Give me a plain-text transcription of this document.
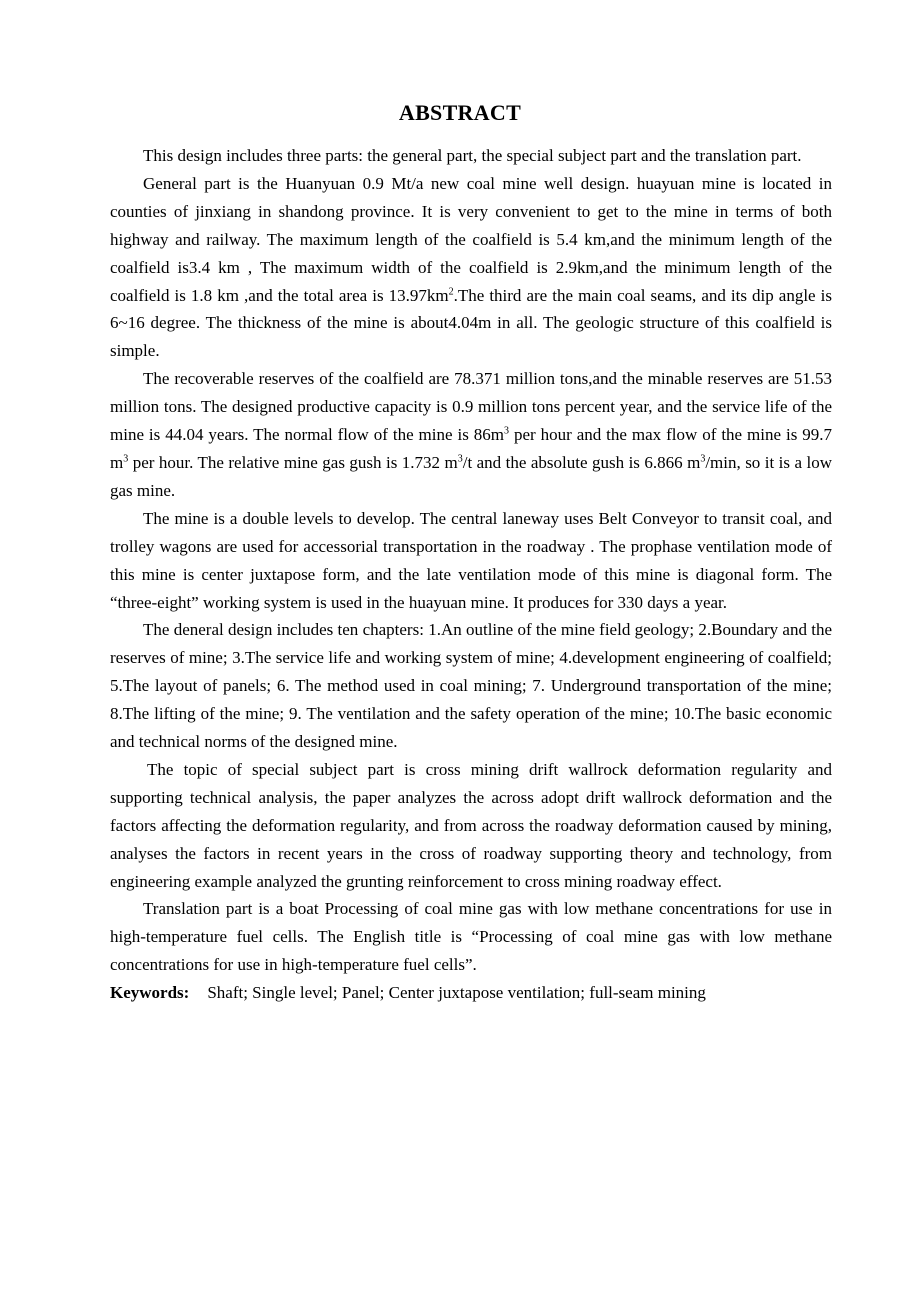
ABSTRACT

This design includes three parts: the general part, the special subject part and the translation part.

General part is the Huanyuan 0.9 Mt/a new coal mine well design. huayuan mine is located in counties of jinxiang in shandong province. It is very convenient to get to the mine in terms of both highway and railway. The maximum length of the coalfield is 5.4 km,and the minimum length of the coalfield is3.4 km , The maximum width of the coalfield is 2.9km,and the minimum length of the coalfield is 1.8 km ,and the total area is $13.97km^2.The$ third are the main coal seams, and its dip angle is 6~16 degree. The thickness of the mine is about4.04m in all. The geologic structure of this coalfield is simple.

The recoverable reserves of the coalfield are 78.371 million tons,and the minable reserves are 51.53 million tons. The designed productive capacity is 0.9 million tons percent year, and the service life of the mine is 44.04 years. The normal flow of the mine is $86m^3$ per hour and the max flow of the mine is 99.7 $m^3$ per hour. The relative mine gas gush is 1.732 $m^3/t$ and the absolute gush is 6.866 $m^3/\min$, so it is a low gas mine.

The mine is a double levels to develop. The central laneway uses Belt Conveyor to transit coal, and trolley wagons are used for accessorial transportation in the roadway . The prophase ventilation mode of this mine is center juxtapose form, and the late ventilation mode of this mine is diagonal form. The “three-eight” working system is used in the huayuan mine. It produces for 330 days a year.

The deneral design includes ten chapters: 1.An outline of the mine field geology; 2.Boundary and the reserves of mine; 3.The service life and working system of mine; 4.development engineering of coalfield; 5.The layout of panels; 6. The method used in coal mining; 7. Underground transportation of the mine; 8.The lifting of the mine; 9. The ventilation and the safety operation of the mine; 10.The basic economic and technical norms of the designed mine.

The topic of special subject part is cross mining drift wallrock deformation regularity and supporting technical analysis, the paper analyzes the across adopt drift wallrock deformation and the factors affecting the deformation regularity, and from across the roadway deformation caused by mining, analyses the factors in recent years in the cross of roadway supporting theory and technology, from engineering example analyzed the grunting reinforcement to cross mining roadway effect.

Translation part is a boat Processing of coal mine gas with low methane concentrations for use in high-temperature fuel cells. The English title is “Processing of coal mine gas with low methane concentrations for use in high-temperature fuel cells”.

Keywords: Shaft; Single level; Panel; Center juxtapose ventilation; full-seam mining
